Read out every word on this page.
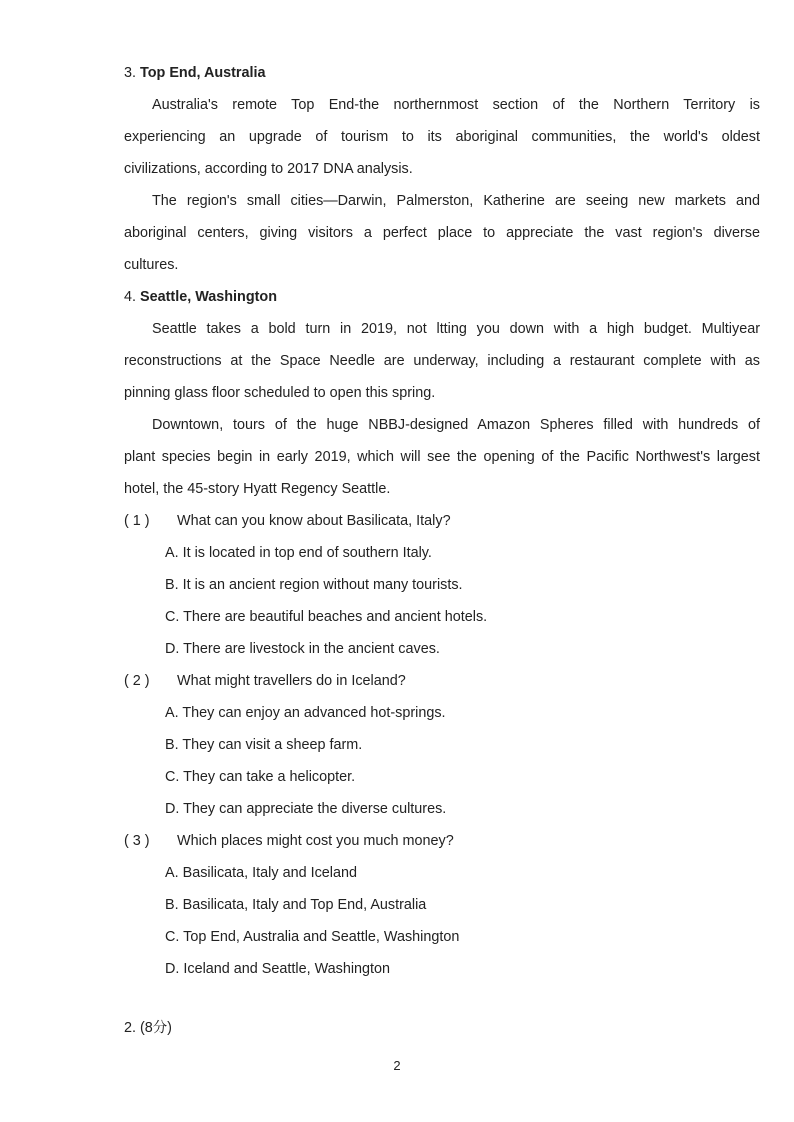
3. Top End, Australia
Australia's remote Top End-the northernmost section of the Northern Territory is
experiencing an upgrade of tourism to its aboriginal communities, the world's oldest
civilizations, according to 2017 DNA analysis.
The region's small cities—Darwin, Palmerston, Katherine are seeing new markets and
aboriginal centers, giving visitors a perfect place to appreciate the vast region's diverse
cultures.
4. Seattle, Washington
Seattle takes a bold turn in 2019, not ltting you down with a high budget. Multiyear
reconstructions at the Space Needle are underway, including a restaurant complete with as
pinning glass floor scheduled to open this spring.
Downtown, tours of the huge NBBJ-designed Amazon Spheres filled with hundreds of
plant species begin in early 2019, which will see the opening of the Pacific Northwest's largest
hotel, the 45-story Hyatt Regency Seattle.
( 1 ) What can you know about Basilicata, Italy?
A. It is located in top end of southern Italy.
B. It is an ancient region without many tourists.
C. There are beautiful beaches and ancient hotels.
D. There are livestock in the ancient caves.
( 2 ) What might travellers do in Iceland?
A. They can enjoy an advanced hot-springs.
B. They can visit a sheep farm.
C. They can take a helicopter.
D. They can appreciate the diverse cultures.
( 3 ) Which places might cost you much money?
A. Basilicata, Italy and Iceland
B. Basilicata, Italy and Top End, Australia
C. Top End, Australia and Seattle, Washington
D. Iceland and Seattle, Washington
2. (8分)
2
